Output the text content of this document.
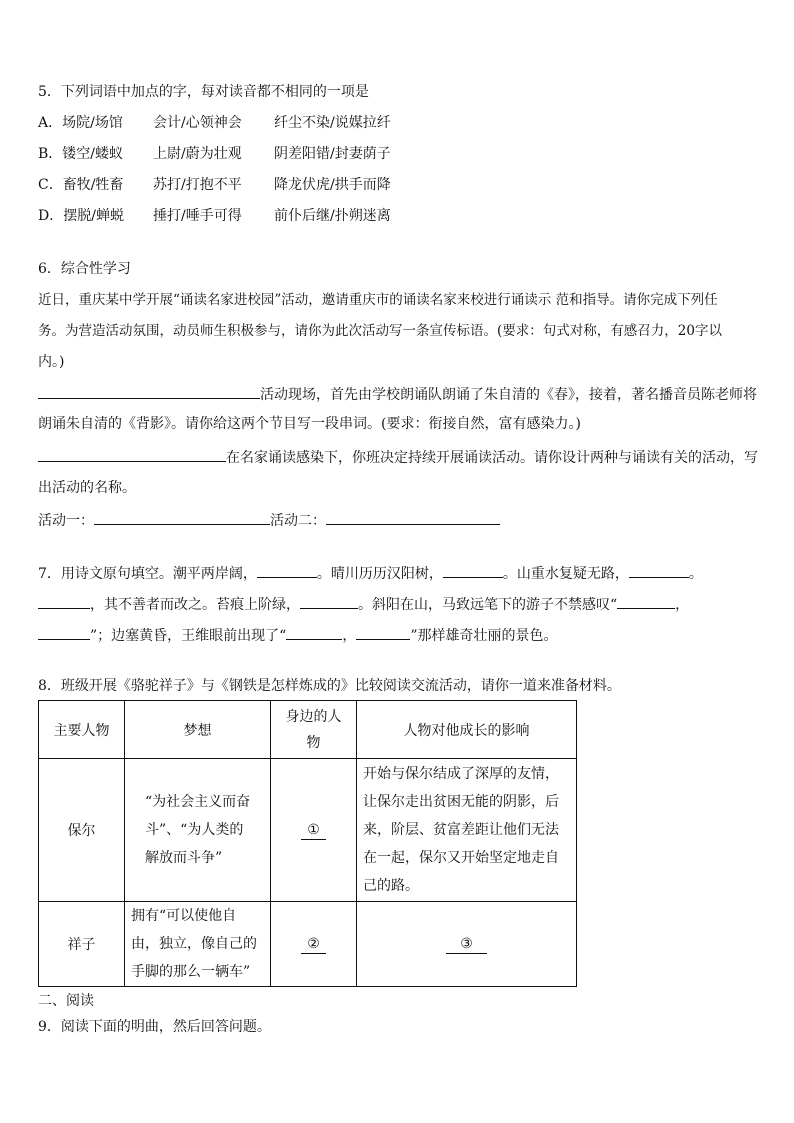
5．下列词语中加点的字，每对读音都不相同的一项是
A．场院/场馆 会计/心领神会 纤尘不染/说媒拉纤
B．镂空/蝼蚁 上尉/蔚为壮观 阴差阳错/封妻荫子
C．畜牧/牲畜 苏打/打抱不平 降龙伏虎/拱手而降
D．摆脱/蝉蜕 捶打/唾手可得 前仆后继/扑朔迷离
6．综合性学习
近日，重庆某中学开展“诵读名家进校园”活动，邀请重庆市的诵读名家来校进行诵读示 范和指导。请你完成下列任
务。为营造活动氛围，动员师生积极参与，请你为此次活动写一条宣传标语。(要求：句式对称，有感召力，20字以
内。)
活动现场，首先由学校朗诵队朗诵了朱自清的《春》，接着，著名播音员陈老师将
朗诵朱自清的《背影》。请你给这两个节目写一段串词。(要求：衔接自然，富有感染力。)
在名家诵读感染下，你班决定持续开展诵读活动。请你设计两种与诵读有关的活动，写
出活动的名称。
活动一：	活动二：
7．用诗文原句填空。潮平两岸阔，	。晴川历历汉阳树，	。山重水复疑无路，	。
，其不善者而改之。苔痕上阶绿，	。斜阳在山，马致远笔下的游子不禁感叹“	，
”；边塞黄昏，王维眼前出现了“	，	”那样雄奇壮丽的景色。
8．班级开展《骆驼祥子》与《钢铁是怎样炼成的》比较阅读交流活动，请你一道来准备材料。
主要人物	梦想	身边的人物	人物对他成长的影响
保尔	“为社会主义而奋斗”、“为人类的解放而斗争”	①	开始与保尔结成了深厚的友情，让保尔走出贫困无能的阴影，后来，阶层、贫富差距让他们无法在一起，保尔又开始坚定地走自己的路。

祥子	拥有“可以使他自由，独立，像自己的手脚的那么一辆车”	②	③
二、阅读
9．阅读下面的明曲，然后回答问题。
